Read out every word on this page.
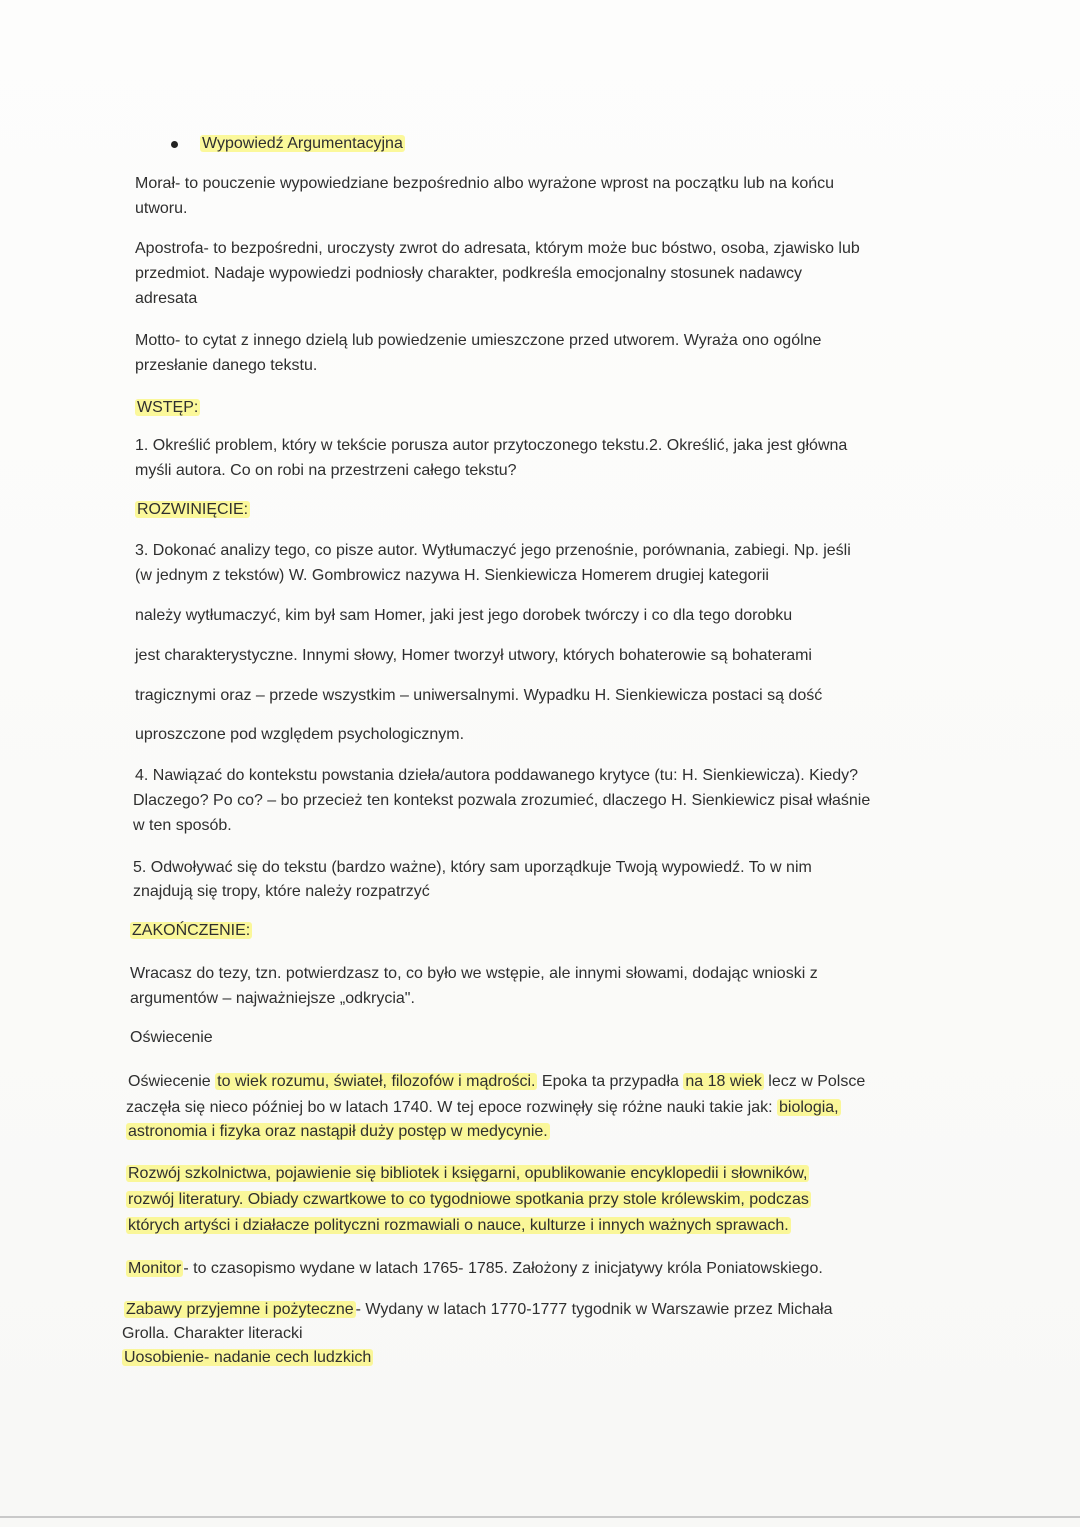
Wypowiedź Argumentacyjna
Morał- to pouczenie wypowiedziane bezpośrednio albo wyrażone wprost na początku lub na końcu
utworu.
Apostrofa- to bezpośredni, uroczysty zwrot do adresata, którym może buc bóstwo, osoba, zjawisko lub
przedmiot. Nadaje wypowiedzi podniosły charakter, podkreśla emocjonalny stosunek nadawcy
adresata
Motto- to cytat z innego dzielą lub powiedzenie umieszczone przed utworem. Wyraża ono ogólne
przesłanie danego tekstu.
WSTĘP:
1. Określić problem, który w tekście porusza autor przytoczonego tekstu.2. Określić, jaka jest główna
myśli autora. Co on robi na przestrzeni całego tekstu?
ROZWINIĘCIE:
3. Dokonać analizy tego, co pisze autor. Wytłumaczyć jego przenośnie, porównania, zabiegi. Np. jeśli
(w jednym z tekstów) W. Gombrowicz nazywa H. Sienkiewicza Homerem drugiej kategorii
należy wytłumaczyć, kim był sam Homer, jaki jest jego dorobek twórczy i co dla tego dorobku
jest charakterystyczne. Innymi słowy, Homer tworzył utwory, których bohaterowie są bohaterami
tragicznymi oraz – przede wszystkim – uniwersalnymi. Wypadku H. Sienkiewicza postaci są dość
uproszczone pod względem psychologicznym.
4. Nawiązać do kontekstu powstania dzieła/autora poddawanego krytyce (tu: H. Sienkiewicza). Kiedy?
Dlaczego? Po co? – bo przecież ten kontekst pozwala zrozumieć, dlaczego H. Sienkiewicz pisał właśnie
w ten sposób.
5. Odwoływać się do tekstu (bardzo ważne), który sam uporządkuje Twoją wypowiedź. To w nim
znajdują się tropy, które należy rozpatrzyć
ZAKOŃCZENIE:
Wracasz do tezy, tzn. potwierdzasz to, co było we wstępie, ale innymi słowami, dodając wnioski z
argumentów – najważniejsze „odkrycia".
Oświecenie
Oświecenie to wiek rozumu, świateł, filozofów i mądrości. Epoka ta przypadła na 18 wiek lecz w Polsce
zaczęła się nieco później bo w latach 1740. W tej epoce rozwinęły się różne nauki takie jak: biologia,
astronomia i fizyka oraz nastąpił duży postęp w medycynie.
Rozwój szkolnictwa, pojawienie się bibliotek i księgarni, opublikowanie encyklopedii i słowników,
rozwój literatury. Obiady czwartkowe to co tygodniowe spotkania przy stole królewskim, podczas
których artyści i działacze polityczni rozmawiali o nauce, kulturze i innych ważnych sprawach.
Monitor - to czasopismo wydane w latach 1765- 1785. Założony z inicjatywy króla Poniatowskiego.
Zabawy przyjemne i pożyteczne - Wydany w latach 1770-1777 tygodnik w Warszawie przez Michała
Grolla. Charakter literacki
Uosobienie- nadanie cech ludzkich
